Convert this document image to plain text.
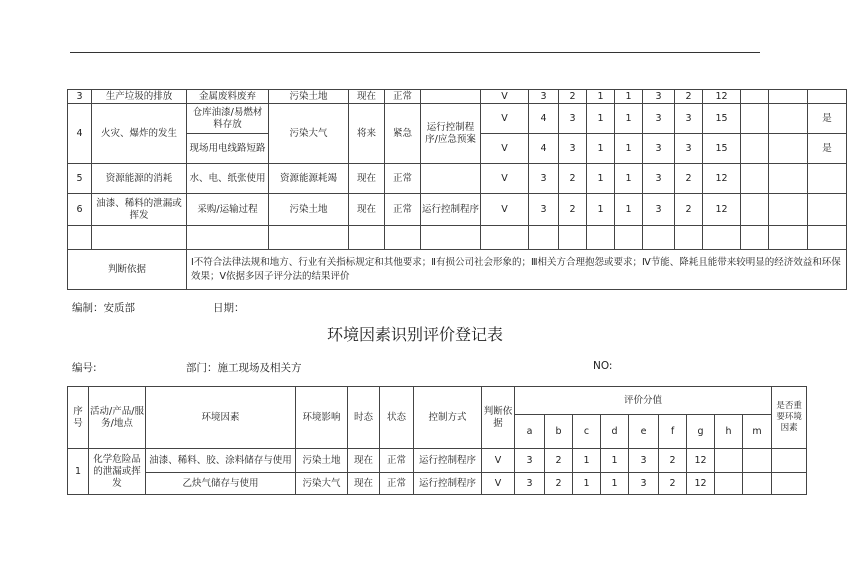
3	生产垃圾的排放	金属废料废弃	污染土地	现在	正常		V	3	2	1	1	3	2	12			
4	火灾、爆炸的发生	仓库油漆/易燃材料存放	污染大气	将来	紧急	运行控制程序/应急预案	V	4	3	1	1	3	3	15			是
		现场用电线路短路					V	4	3	1	1	3	3	15			是
5	资源能源的消耗	水、电、纸张使用	资源能源耗竭	现在	正常		V	3	2	1	1	3	2	12			
6	油漆、稀料的泄漏或挥发	采购/运输过程	污染土地	现在	正常	运行控制程序	V	3	2	1	1	3	2	12			

判断依据		Ⅰ不符合法律法规和地方、行业有关指标规定和其他要求；Ⅱ有损公司社会形象的；Ⅲ相关方合理抱怨或要求；Ⅳ节能、降耗且能带来较明显的经济效益和环保效果；Ⅴ依据多因子评分法的结果评价															
编制：安质部	日期：
环境因素识别评价登记表
编号:	部门：施工现场及相关方	NO:
序号	活动/产品/服务/地点	环境因素	环境影响	时态	状态	控制方式	判断依据	评价分值									是否重要环境因素
								a	b	c	d	e	f	g	h	m	
1	化学危险品的泄漏或挥发	油漆、稀料、胶、涂料储存与使用	污染土地	现在	正常	运行控制程序	V	3	2	1	1	3	2	12			
		乙炔气储存与使用	污染大气	现在	正常	运行控制程序	V	3	2	1	1	3	2	12			
